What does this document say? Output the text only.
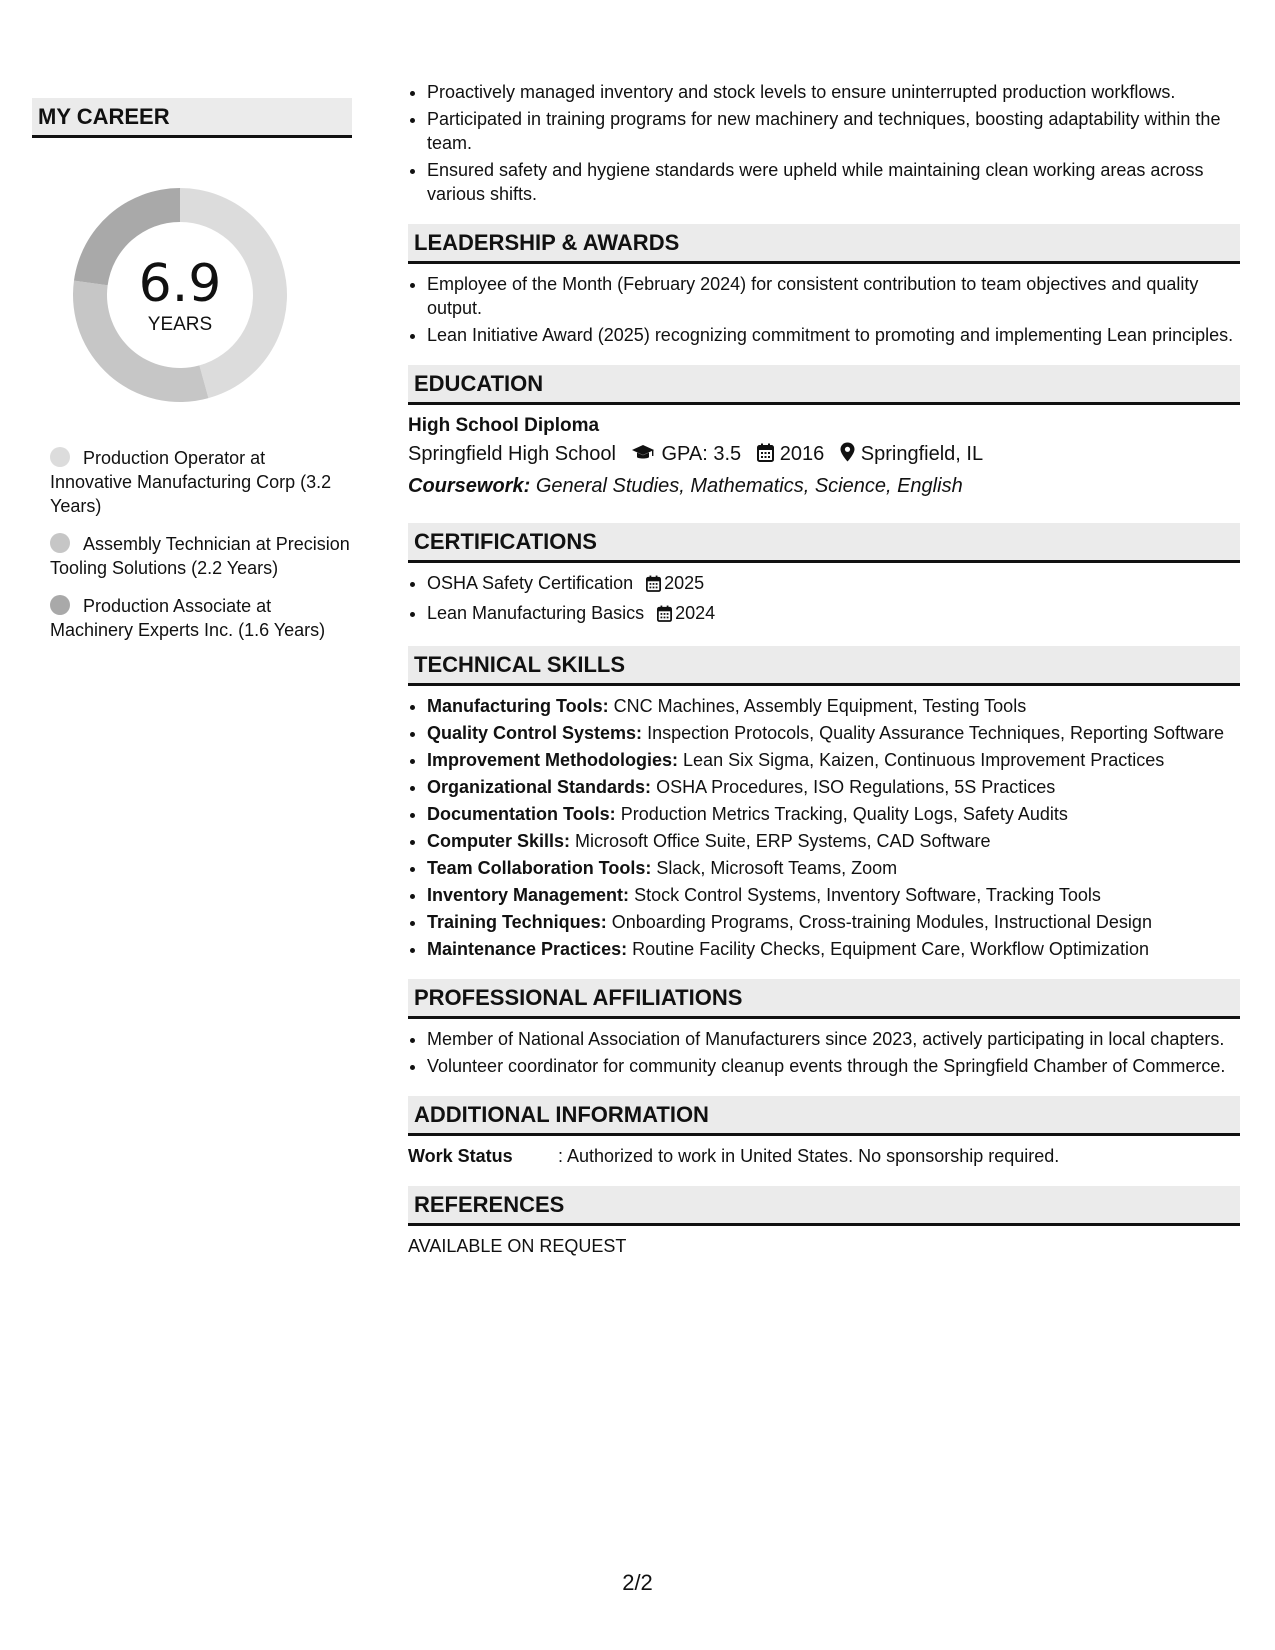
MY CAREER
6.9
YEARS
Production Operator at Innovative Manufacturing Corp (3.2 Years)
Assembly Technician at Precision Tooling Solutions (2.2 Years)
Production Associate at Machinery Experts Inc. (1.6 Years)
• Proactively managed inventory and stock levels to ensure uninterrupted production workflows.
• Participated in training programs for new machinery and techniques, boosting adaptability within the team.
• Ensured safety and hygiene standards were upheld while maintaining clean working areas across various shifts.
LEADERSHIP & AWARDS
• Employee of the Month (February 2024) for consistent contribution to team objectives and quality output.
• Lean Initiative Award (2025) recognizing commitment to promoting and implementing Lean principles.
EDUCATION
High School Diploma
Springfield High School GPA: 3.5 2016 Springfield, IL
Coursework: General Studies, Mathematics, Science, English
CERTIFICATIONS
• OSHA Safety Certification 2025
• Lean Manufacturing Basics 2024
TECHNICAL SKILLS
• Manufacturing Tools: CNC Machines, Assembly Equipment, Testing Tools
• Quality Control Systems: Inspection Protocols, Quality Assurance Techniques, Reporting Software
• Improvement Methodologies: Lean Six Sigma, Kaizen, Continuous Improvement Practices
• Organizational Standards: OSHA Procedures, ISO Regulations, 5S Practices
• Documentation Tools: Production Metrics Tracking, Quality Logs, Safety Audits
• Computer Skills: Microsoft Office Suite, ERP Systems, CAD Software
• Team Collaboration Tools: Slack, Microsoft Teams, Zoom
• Inventory Management: Stock Control Systems, Inventory Software, Tracking Tools
• Training Techniques: Onboarding Programs, Cross-training Modules, Instructional Design
• Maintenance Practices: Routine Facility Checks, Equipment Care, Workflow Optimization
PROFESSIONAL AFFILIATIONS
• Member of National Association of Manufacturers since 2023, actively participating in local chapters.
• Volunteer coordinator for community cleanup events through the Springfield Chamber of Commerce.
ADDITIONAL INFORMATION
Work Status	: Authorized to work in United States. No sponsorship required.
REFERENCES
AVAILABLE ON REQUEST
2/2
